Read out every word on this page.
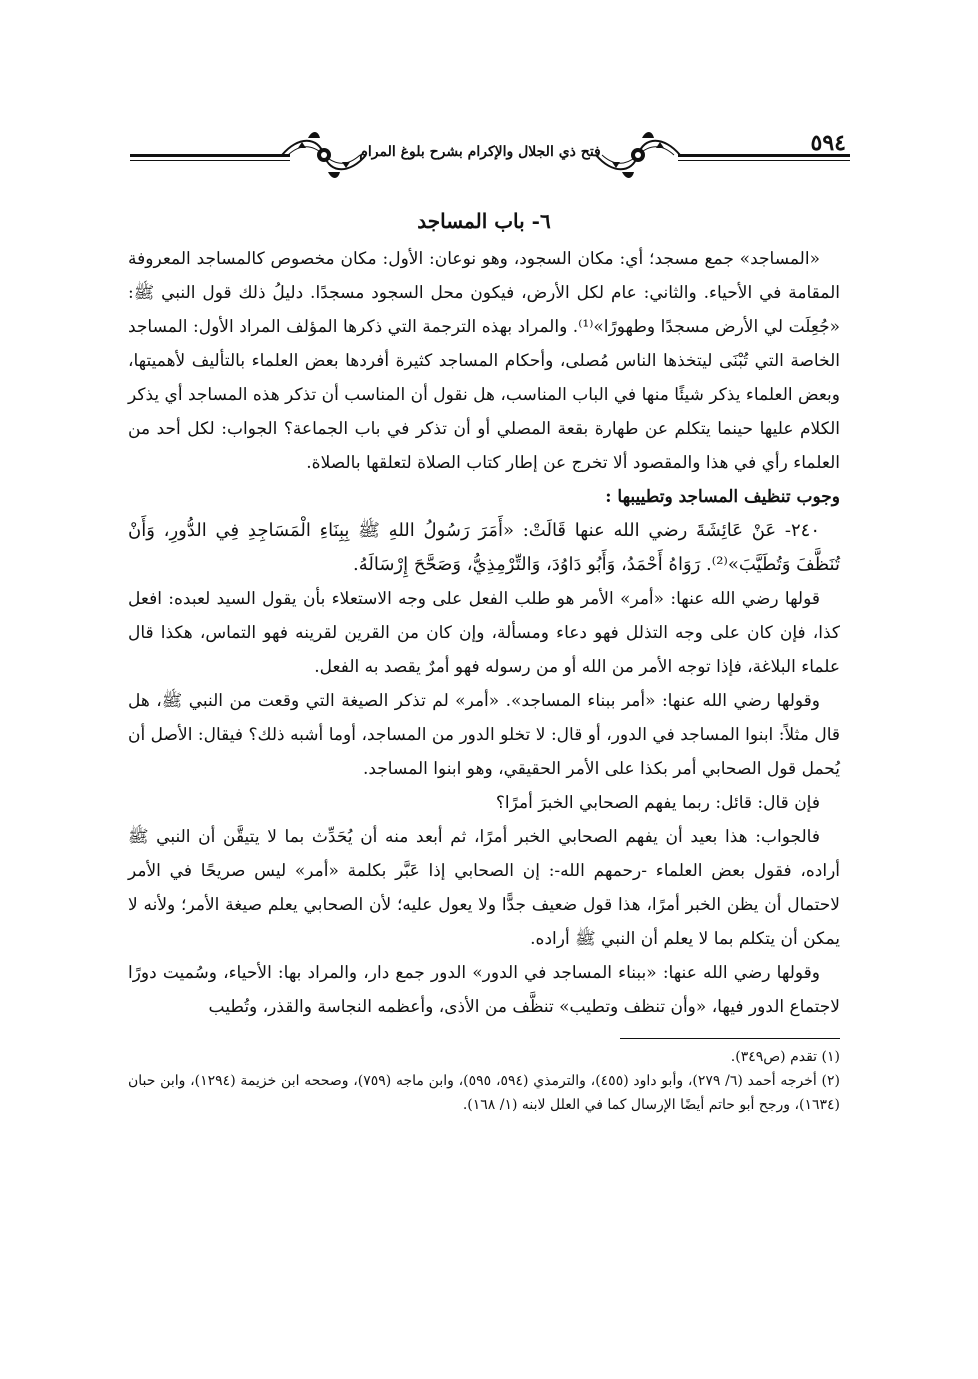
فتح ذي الجلال والإكرام بشرح بلوغ المرام	٥٩٤
٦- باب المساجد

«المساجد» جمع مسجد؛ أي: مكان السجود، وهو نوعان: الأول: مكان مخصوص كالمساجد المعروفة المقامة في الأحياء. والثاني: عام لكل الأرض، فيكون محل السجود مسجدًا. دليلُ ذلك قول النبي ﷺ: «جُعِلَت لي الأرض مسجدًا وطهورًا»⁽¹⁾. والمراد بهذه الترجمة التي ذكرها المؤلف المراد الأول: المساجد الخاصة التي تُبْنَى ليتخذها الناس مُصلى، وأحكام المساجد كثيرة أفردها بعض العلماء بالتأليف لأهميتها، وبعض العلماء يذكر شيئًا منها في الباب المناسب، هل نقول أن المناسب أن تذكر هذه المساجد أي يذكر الكلام عليها حينما يتكلم عن طهارة بقعة المصلي أو أن تذكر في باب الجماعة؟ الجواب: لكل أحد من العلماء رأي في هذا والمقصود ألا تخرج عن إطار كتاب الصلاة لتعلقها بالصلاة.

وجوب تنظيف المساجد وتطييبها :

٢٤٠- عَنْ عَائِشَةَ رضي الله عنها قَالَتْ: «أَمَرَ رَسُولُ اللهِ ﷺ بِبِنَاءِ الْمَسَاجِدِ فِي الدُّورِ، وَأَنْ تُنَظَّفَ وَتُطَيَّبَ»⁽²⁾. رَوَاهُ أَحْمَدُ، وَأَبُو دَاوُدَ، وَالتِّرْمِذِيُّ، وَصَحَّحَ إِرْسَالَهُ.

قولها رضي الله عنها: «أمر» الأمر هو طلب الفعل على وجه الاستعلاء بأن يقول السيد لعبده: افعل كذا، فإن كان على وجه التذلل فهو دعاء ومسألة، وإن كان من القرين لقرينه فهو التماس، هكذا قال علماء البلاغة، فإذا توجه الأمر من الله أو من رسوله فهو أمرٌ يقصد به الفعل.

وقولها رضي الله عنها: «أمر ببناء المساجد». «أمر» لم تذكر الصيغة التي وقعت من النبي ﷺ، هل قال مثلاً: ابنوا المساجد في الدور، أو قال: لا تخلو الدور من المساجد، أوما أشبه ذلك؟ فيقال: الأصل أن يُحمل قول الصحابي أمر بكذا على الأمر الحقيقي، وهو ابنوا المساجد.

فإن قال: قائل: ربما يفهم الصحابي الخبرَ أمرًا؟

فالجواب: هذا بعيد أن يفهم الصحابي الخبر أمرًا، ثم أبعد منه أن يُحَدِّث بما لا يتيقَّن أن النبي ﷺ أراده، فقول بعض العلماء -رحمهم الله-: إن الصحابي إذا عَبَّر بكلمة «أمر» ليس صريحًا في الأمر لاحتمال أن يظن الخبر أمرًا، هذا قول ضعيف جدًّا ولا يعول عليه؛ لأن الصحابي يعلم صيغة الأمر؛ ولأنه لا يمكن أن يتكلم بما لا يعلم أن النبي ﷺ أراده.

وقولها رضي الله عنها: «ببناء المساجد في الدور» الدور جمع دار، والمراد بها: الأحياء، وسُميت دورًا لاجتماع الدور فيها، «وأن تنظف وتطيب» تنظَّف من الأذى، وأعظمه النجاسة والقذر، وتُطيب

(١) تقدم (ص٣٤٩).

(٢) أخرجه أحمد (٦/ ٢٧٩)، وأبو داود (٤٥٥)، والترمذي (٥٩٤، ٥٩٥)، وابن ماجه (٧٥٩)، وصححه ابن خزيمة (١٢٩٤)، وابن حبان (١٦٣٤)، ورجح أبو حاتم أيضًا الإرسال كما في العلل لابنه (١/ ١٦٨).
